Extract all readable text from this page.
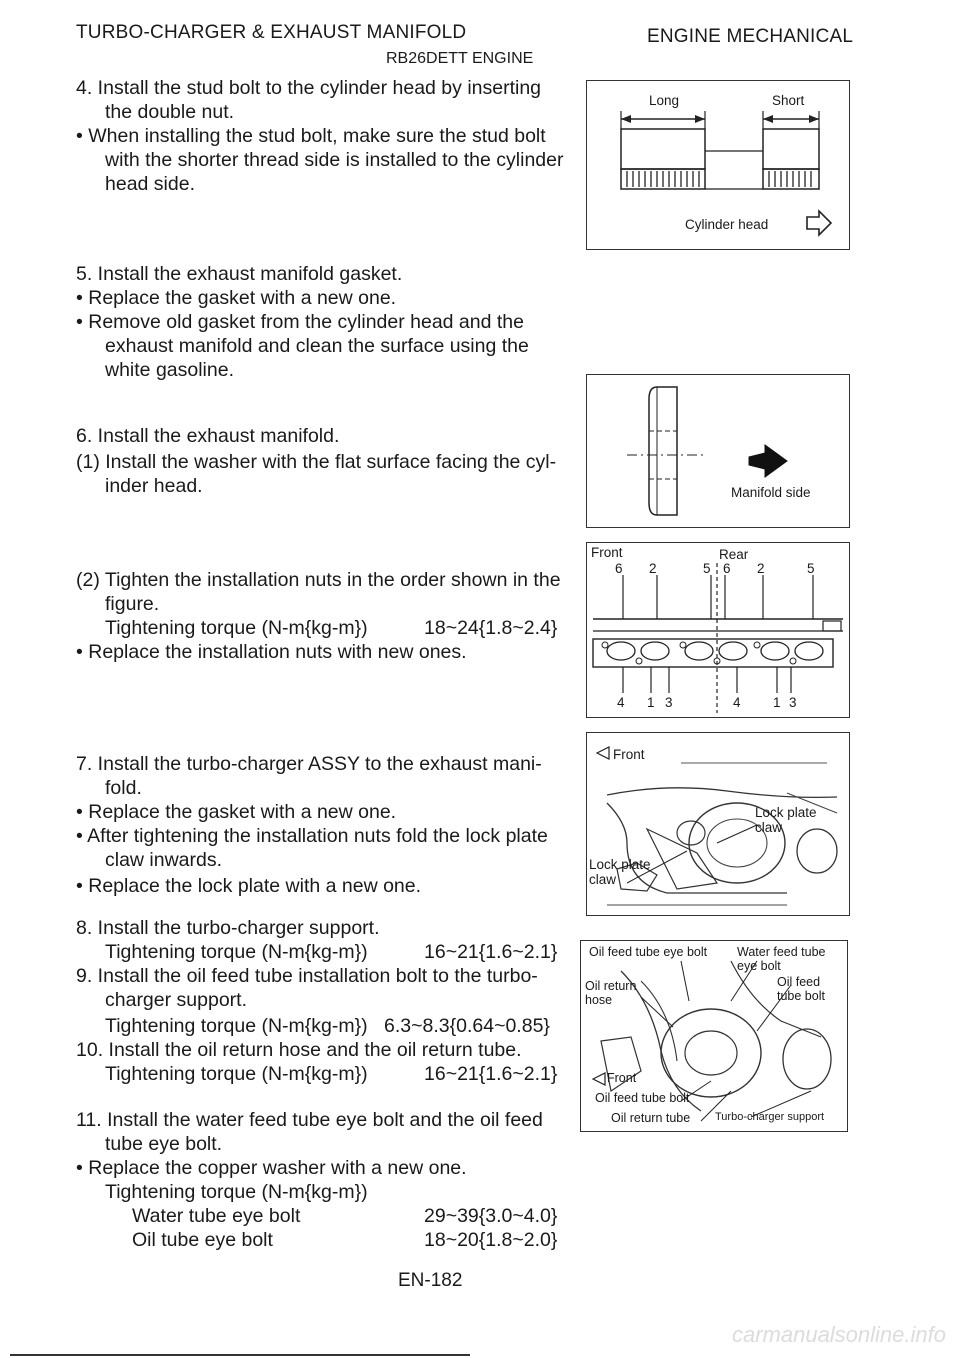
TURBO-CHARGER & EXHAUST MANIFOLD
RB26DETT ENGINE
ENGINE MECHANICAL
4. Install the stud bolt to the cylinder head by inserting
the double nut.
• When installing the stud bolt, make sure the stud bolt
with the shorter thread side is installed to the cylinder
head side.
5. Install the exhaust manifold gasket.
• Replace the gasket with a new one.
• Remove old gasket from the cylinder head and the
exhaust manifold and clean the surface using the
white gasoline.
6. Install the exhaust manifold.
(1) Install the washer with the flat surface facing the cyl-
inder head.
(2) Tighten the installation nuts in the order shown in the
figure.
Tightening torque (N-m{kg-m})	18~24{1.8~2.4}
• Replace the installation nuts with new ones.
7. Install the turbo-charger ASSY to the exhaust mani-
fold.
• Replace the gasket with a new one.
• After tightening the installation nuts fold the lock plate
claw inwards.
• Replace the lock plate with a new one.
8. Install the turbo-charger support.
Tightening torque (N-m{kg-m})	16~21{1.6~2.1}
9. Install the oil feed tube installation bolt to the turbo-
charger support.
Tightening torque (N-m{kg-m}) 6.3~8.3{0.64~0.85}
10. Install the oil return hose and the oil return tube.
Tightening torque (N-m{kg-m})	16~21{1.6~2.1}
11. Install the water feed tube eye bolt and the oil feed
tube eye bolt.
• Replace the copper washer with a new one.
Tightening torque (N-m{kg-m})
Water tube eye bolt	29~39{3.0~4.0}
Oil tube eye bolt	18~20{1.8~2.0}
Long	Short
Cylinder head
Manifold side
Front	Rear
6 2	5 6 2	5
4 1 3	4 1 3
Front
Lock plate claw
Lock plate claw
Oil feed tube eye bolt Water feed tube eye bolt
Oil return hose
Oil feed tube bolt
Front
Oil feed tube bolt
Oil return tube Turbo-charger support
EN-182
carmanualsonline.info
